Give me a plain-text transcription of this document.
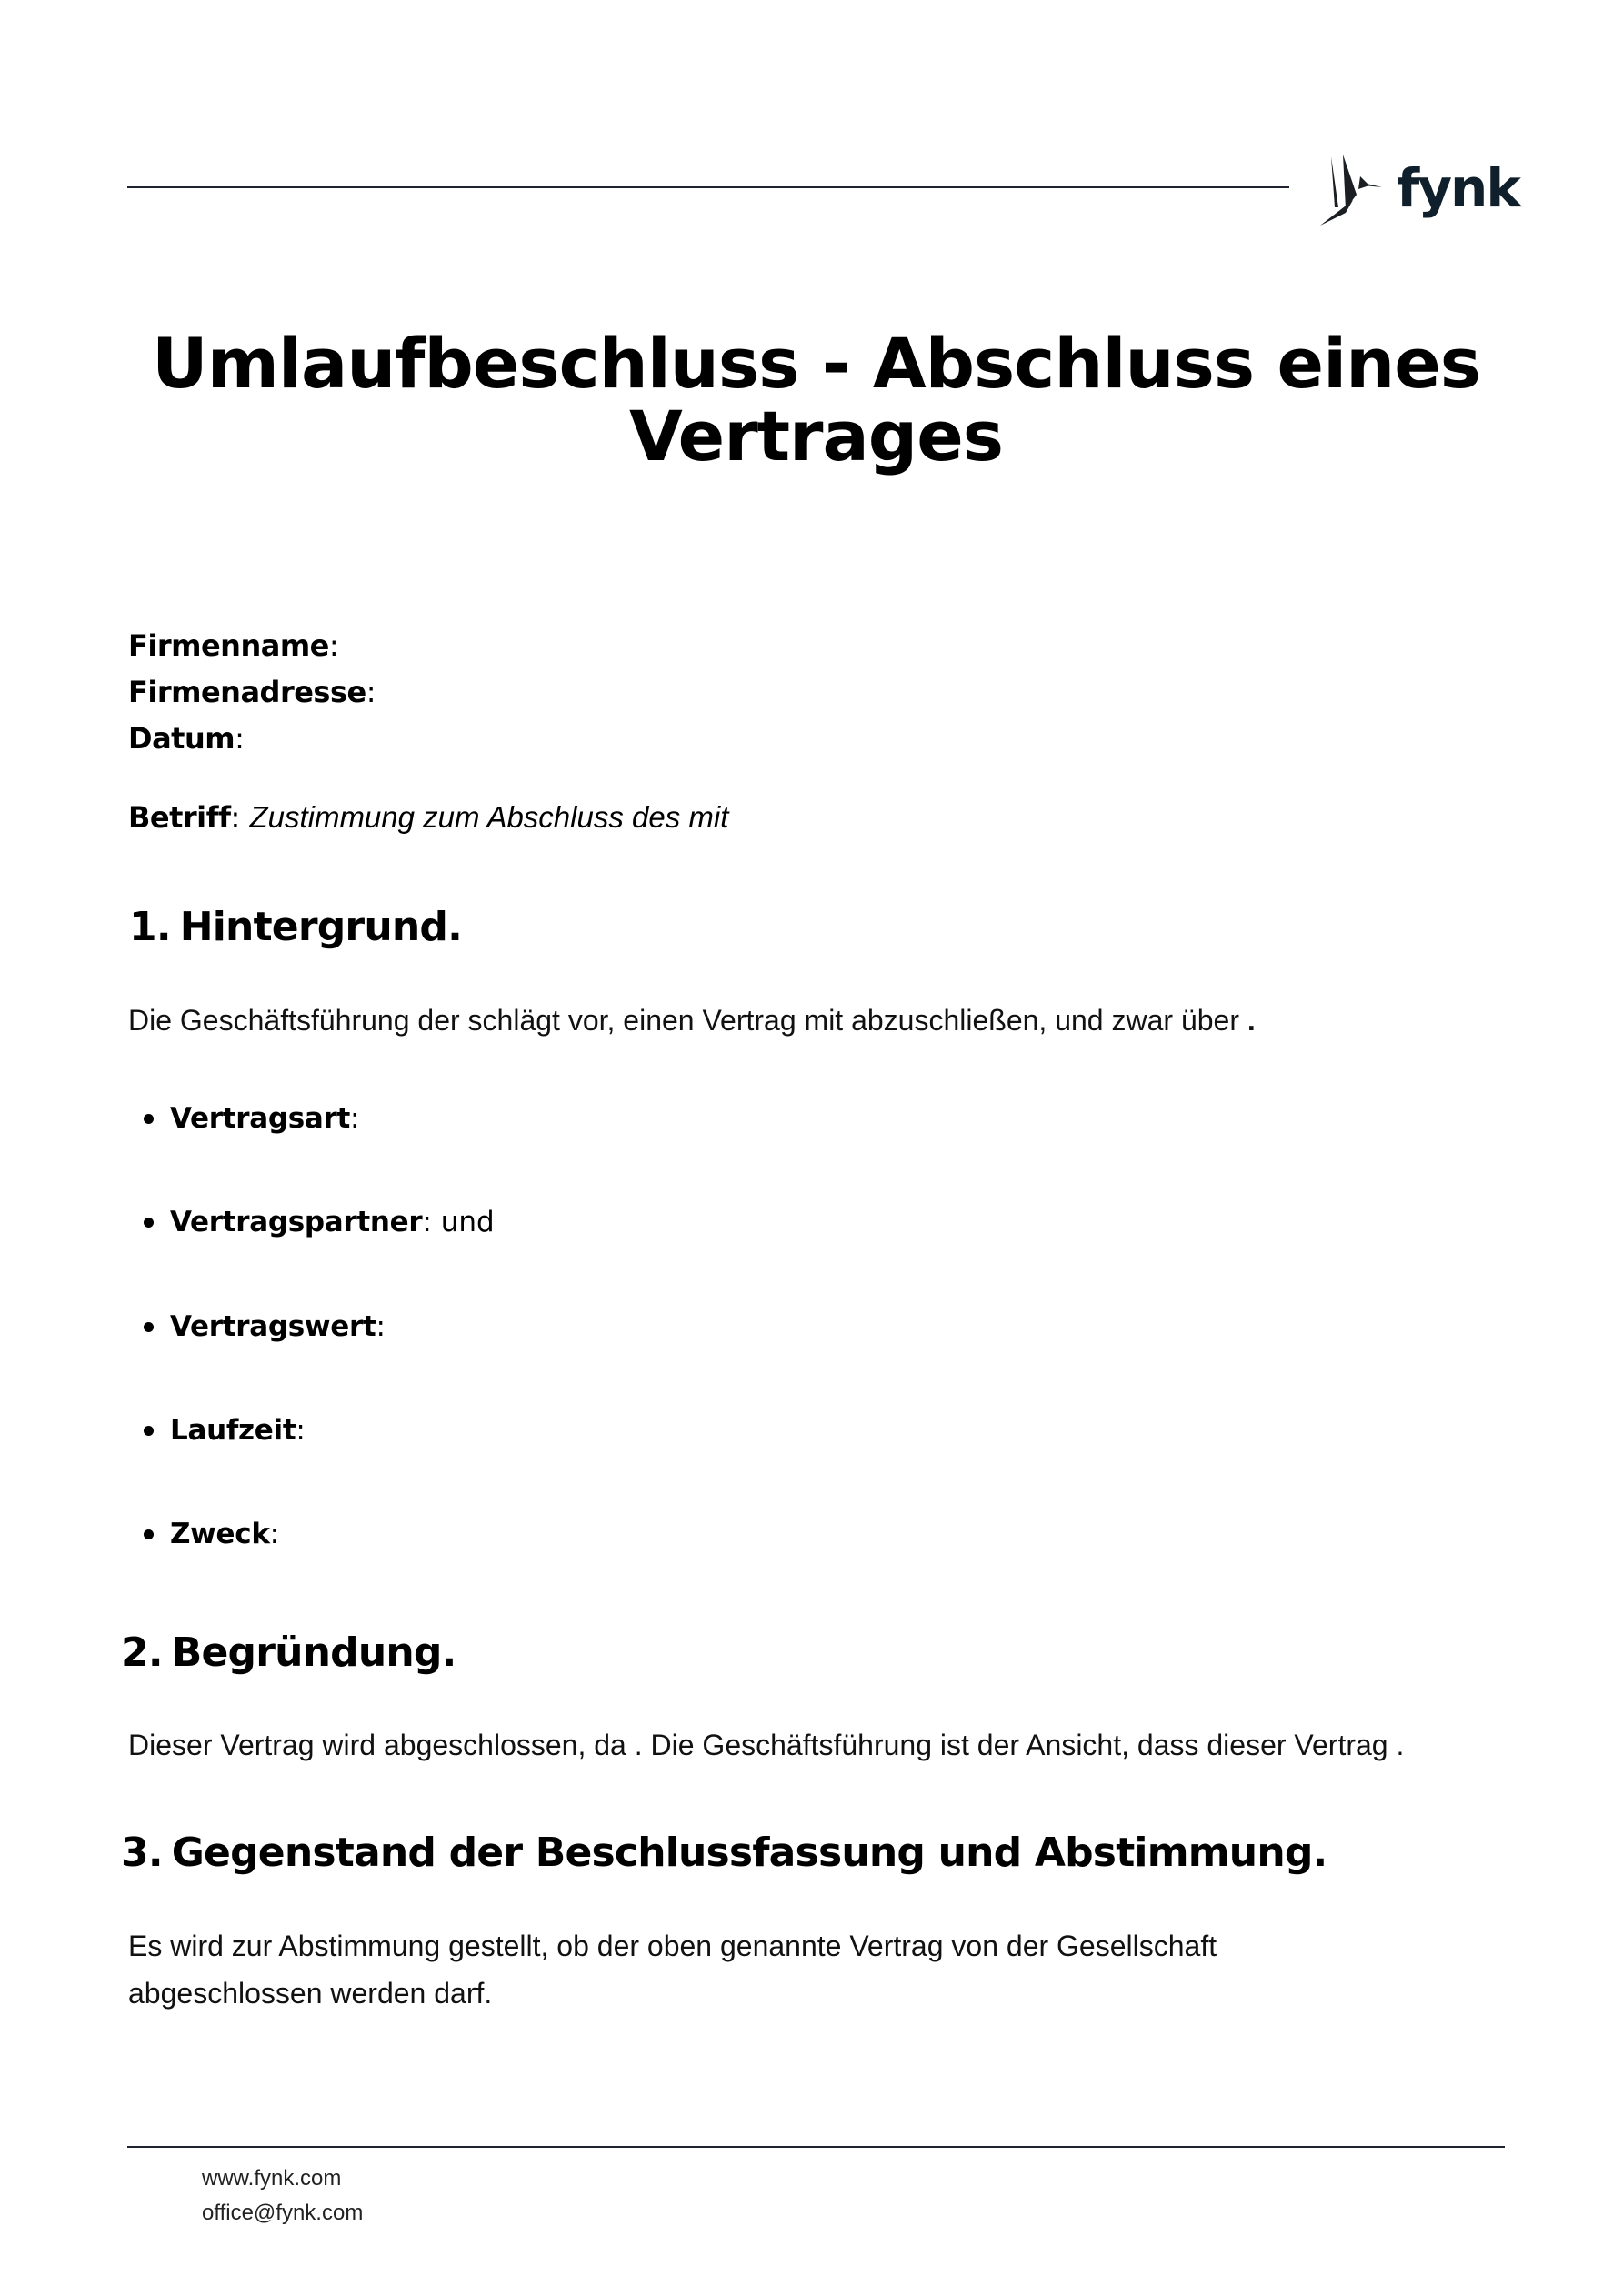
fynk
Umlaufbeschluss - Abschluss eines
Vertrages
Firmenname:
Firmenadresse:
Datum:
Betriff: Zustimmung zum Abschluss des mit
1. Hintergrund.
Die Geschäftsführung der schlägt vor, einen Vertrag mit abzuschließen, und zwar über .
Vertragsart :
Vertragspartner : und
Vertragswert :
Laufzeit :
Zweck :
2. Begründung.
Dieser Vertrag wird abgeschlossen, da . Die Geschäftsführung ist der Ansicht, dass dieser Vertrag .
3. Gegenstand der Beschlussfassung und Abstimmung.
Es wird zur Abstimmung gestellt, ob der oben genannte Vertrag von der Gesellschaft
abgeschlossen werden darf.
www.fynk.com
office@fynk.com
